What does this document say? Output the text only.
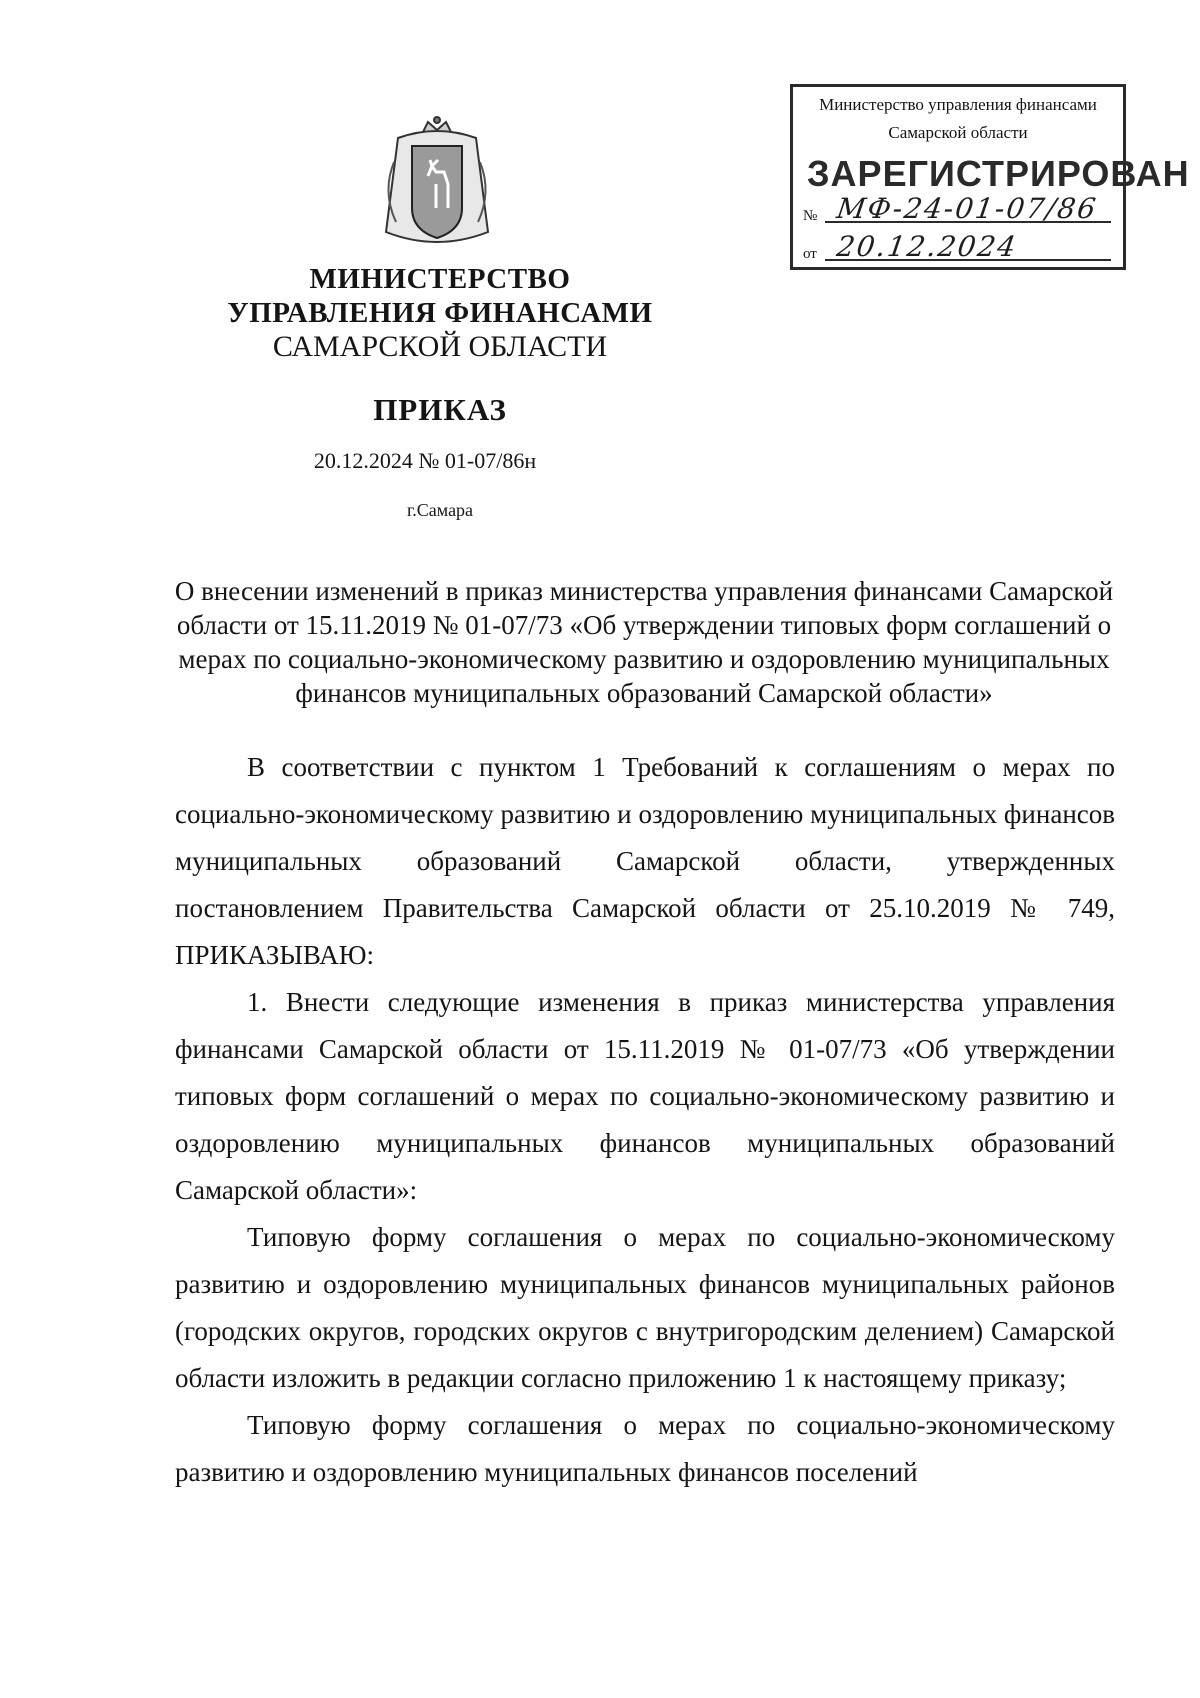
МИНИСТЕРСТВО
УПРАВЛЕНИЯ ФИНАНСАМИ
САМАРСКОЙ ОБЛАСТИ
ПРИКАЗ
20.12.2024 № 01-07/86н
г.Самара
Министерство управления финансами
Самарской области
ЗАРЕГИСТРИРОВАН
№ МФ-24-01-07/86
от 20.12.2024
О внесении изменений в приказ министерства управления финансами Самарской области от 15.11.2019 № 01-07/73 «Об утверждении типовых форм соглашений о мерах по социально-экономическому развитию и оздоровлению муниципальных финансов муниципальных образований Самарской области»

В соответствии с пунктом 1 Требований к соглашениям о мерах по социально-экономическому развитию и оздоровлению муниципальных финансов муниципальных образований Самарской области, утвержденных постановлением Правительства Самарской области от 25.10.2019 № 749, ПРИКАЗЫВАЮ:

1. Внести следующие изменения в приказ министерства управления финансами Самарской области от 15.11.2019 № 01-07/73 «Об утверждении типовых форм соглашений о мерах по социально-экономическому развитию и оздоровлению муниципальных финансов муниципальных образований Самарской области»:

Типовую форму соглашения о мерах по социально-экономическому развитию и оздоровлению муниципальных финансов муниципальных районов (городских округов, городских округов с внутригородским делением) Самарской области изложить в редакции согласно приложению 1 к настоящему приказу;

Типовую форму соглашения о мерах по социально-экономическому развитию и оздоровлению муниципальных финансов поселений
